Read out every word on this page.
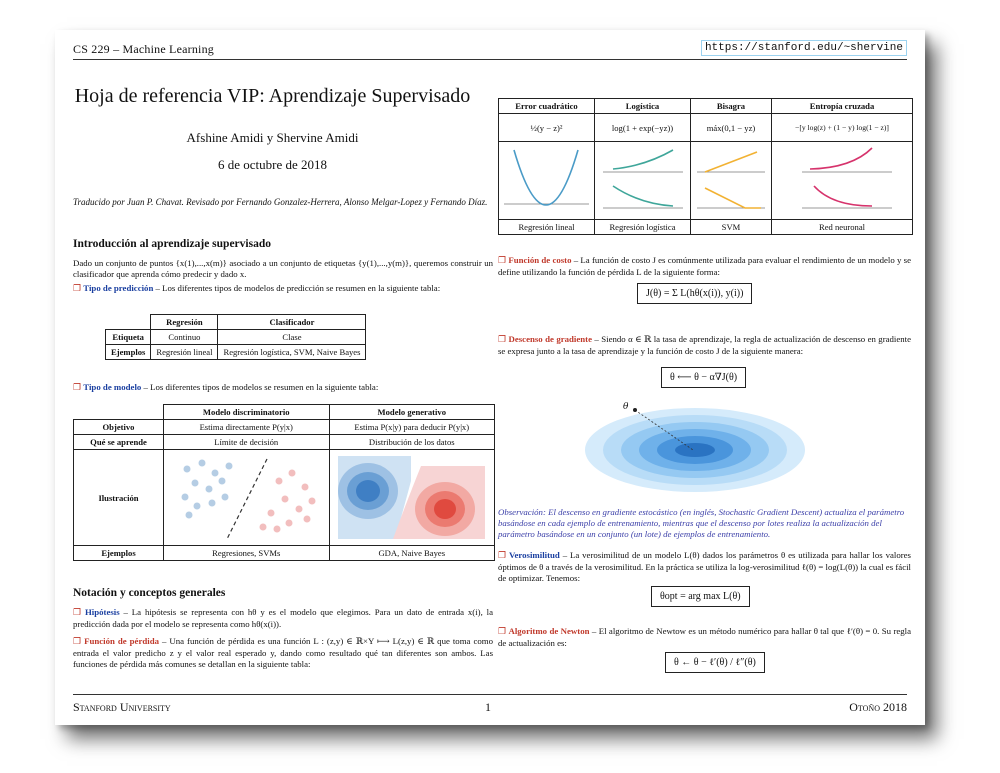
CS 229 – Machine Learning	https://stanford.edu/~shervine
Hoja de referencia VIP: Aprendizaje Supervisado
Afshine Amidi y Shervine Amidi
6 de octubre de 2018
Traducido por Juan P. Chavat. Revisado por Fernando Gonzalez-Herrera, Alonso Melgar-Lopez y Fernando Díaz.
Introducción al aprendizaje supervisado
Dado un conjunto de puntos {x(1),...,x(m)} asociado a un conjunto de etiquetas {y(1),...,y(m)}, queremos construir un clasificador que aprenda cómo predecir y dado x.
❐ Tipo de predicción – Los diferentes tipos de modelos de predicción se resumen en la siguiente tabla:
	Regresión	Clasificador
Etiqueta	Continuo	Clase
Ejemplos	Regresión lineal	Regresión logística, SVM, Naive Bayes
❐ Tipo de modelo – Los diferentes tipos de modelos se resumen en la siguiente tabla:
	Modelo discriminatorio	Modelo generativo
Objetivo	Estima directamente P(y|x)	Estima P(x|y) para deducir P(y|x)
Qué se aprende	Límite de decisión	Distribución de los datos
Ilustración		
Ejemplos	Regresiones, SVMs	GDA, Naive Bayes
Notación y conceptos generales
❐ Hipótesis – La hipótesis se representa con hθ y es el modelo que elegimos. Para un dato de entrada x(i), la predicción dada por el modelo se representa como hθ(x(i)).
❐ Función de pérdida – Una función de pérdida es una función L : (z,y) ∈ ℝ×Y ⟼ L(z,y) ∈ ℝ que toma como entrada el valor predicho z y el valor real esperado y, dando como resultado qué tan diferentes son ambos. Las funciones de pérdida más comunes se detallan en la siguiente tabla:
Error cuadrático	Logística	Bisagra	Entropía cruzada
½(y − z)²	log(1 + exp(−yz))	máx(0,1 − yz)	−[y log(z) + (1 − y) log(1 − z)]

Regresión lineal	Regresión logística	SVM	Red neuronal
❐ Función de costo – La función de costo J es comúnmente utilizada para evaluar el rendimiento de un modelo y se define utilizando la función de pérdida L de la siguiente forma:
J(θ) = Σ L(hθ(x(i)), y(i))
❐ Descenso de gradiente – Siendo α ∈ ℝ la tasa de aprendizaje, la regla de actualización de descenso en gradiente se expresa junto a la tasa de aprendizaje y la función de costo J de la siguiente manera:
θ ⟵ θ − α∇J(θ)
θ
Observación: El descenso en gradiente estocástico (en inglés, Stochastic Gradient Descent) actualiza el parámetro basándose en cada ejemplo de entrenamiento, mientras que el descenso por lotes realiza la actualización del parámetro basándose en un conjunto (un lote) de ejemplos de entrenamiento.
❐ Verosimilitud – La verosimilitud de un modelo L(θ) dados los parámetros θ es utilizada para hallar los valores óptimos de θ a través de la verosimilitud. En la práctica se utiliza la log-verosimilitud ℓ(θ) = log(L(θ)) la cual es fácil de optimizar. Tenemos:
θopt = arg max L(θ)
❐ Algoritmo de Newton – El algoritmo de Newtow es un método numérico para hallar θ tal que ℓ′(θ) = 0. Su regla de actualización es:
θ ← θ − ℓ′(θ) / ℓ″(θ)
Stanford University	1	Otoño 2018
